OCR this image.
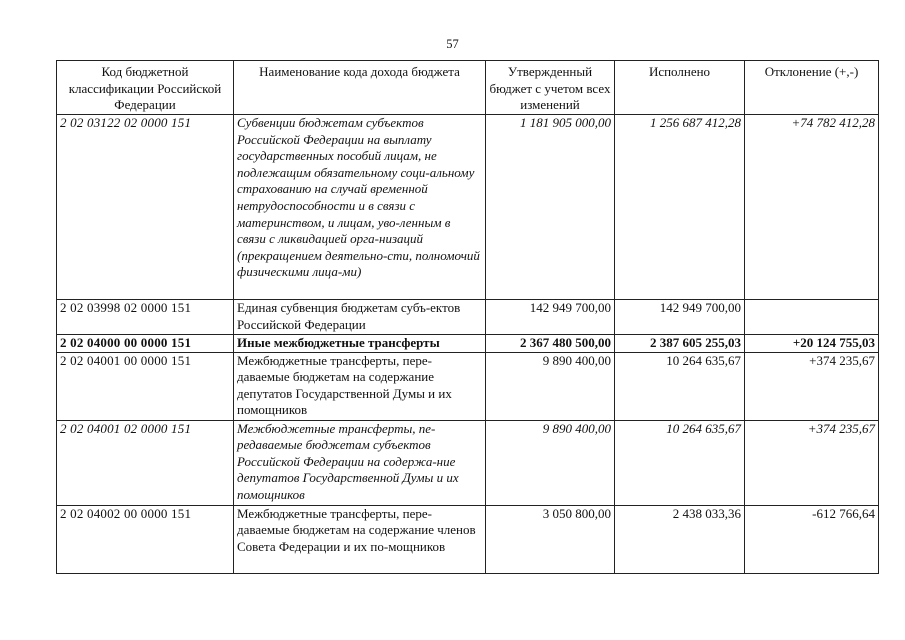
57
Код бюджетной классификации Российской Федерации	Наименование кода дохода бюджета	Утвержденный бюджет с учетом всех изменений	Исполнено	Отклонение (+,-)
2 02 03122 02 0000 151	Субвенции бюджетам субъектов Российской Федерации на выплату государственных пособий лицам, не подлежащим обязательному соци-альному страхованию на случай временной нетрудоспособности и в связи с материнством, и лицам, уво-ленным в связи с ликвидацией орга-низаций (прекращением деятельно-сти, полномочий физическими лица-ми)	1 181 905 000,00	1 256 687 412,28	+74 782 412,28
2 02 03998 02 0000 151	Единая субвенция бюджетам субъ-ектов Российской Федерации	142 949 700,00	142 949 700,00	
2 02 04000 00 0000 151	Иные межбюджетные трансферты	2 367 480 500,00	2 387 605 255,03	+20 124 755,03
2 02 04001 00 0000 151	Межбюджетные трансферты, пере-даваемые бюджетам на содержание депутатов Государственной Думы и их помощников	9 890 400,00	10 264 635,67	+374 235,67
2 02 04001 02 0000 151	Межбюджетные трансферты, пе-редаваемые бюджетам субъектов Российской Федерации на содержа-ние депутатов Государственной Думы и их помощников	9 890 400,00	10 264 635,67	+374 235,67
2 02 04002 00 0000 151	Межбюджетные трансферты, пере-даваемые бюджетам на содержание членов Совета Федерации и их по-мощников	3 050 800,00	2 438 033,36	-612 766,64
